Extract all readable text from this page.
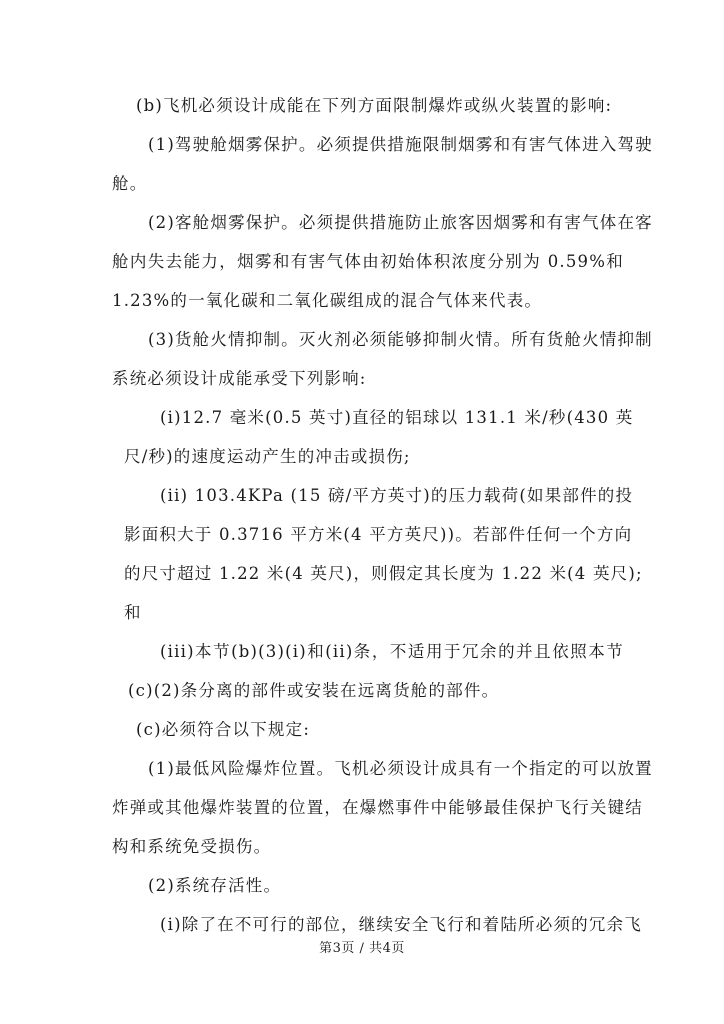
(b)飞机必须设计成能在下列方面限制爆炸或纵火装置的影响:
(1)驾驶舱烟雾保护。必须提供措施限制烟雾和有害气体进入驾驶
舱。
(2)客舱烟雾保护。必须提供措施防止旅客因烟雾和有害气体在客
舱内失去能力，烟雾和有害气体由初始体积浓度分别为 0.59%和
1.23%的一氧化碳和二氧化碳组成的混合气体来代表。
(3)货舱火情抑制。灭火剂必须能够抑制火情。所有货舱火情抑制
系统必须设计成能承受下列影响:
(i)12.7 毫米(0.5 英寸)直径的铝球以 131.1 米/秒(430 英
尺/秒)的速度运动产生的冲击或损伤;
(ii) 103.4KPa (15 磅/平方英寸)的压力载荷(如果部件的投
影面积大于 0.3716 平方米(4 平方英尺))。若部件任何一个方向
的尺寸超过 1.22 米(4 英尺)，则假定其长度为 1.22 米(4 英尺);
和
(iii)本节(b)(3)(i)和(ii)条，不适用于冗余的并且依照本节
(c)(2)条分离的部件或安装在远离货舱的部件。
(c)必须符合以下规定:
(1)最低风险爆炸位置。飞机必须设计成具有一个指定的可以放置
炸弹或其他爆炸装置的位置，在爆燃事件中能够最佳保护飞行关键结
构和系统免受损伤。
(2)系统存活性。
(i)除了在不可行的部位，继续安全飞行和着陆所必须的冗余飞
第3页 / 共4页
